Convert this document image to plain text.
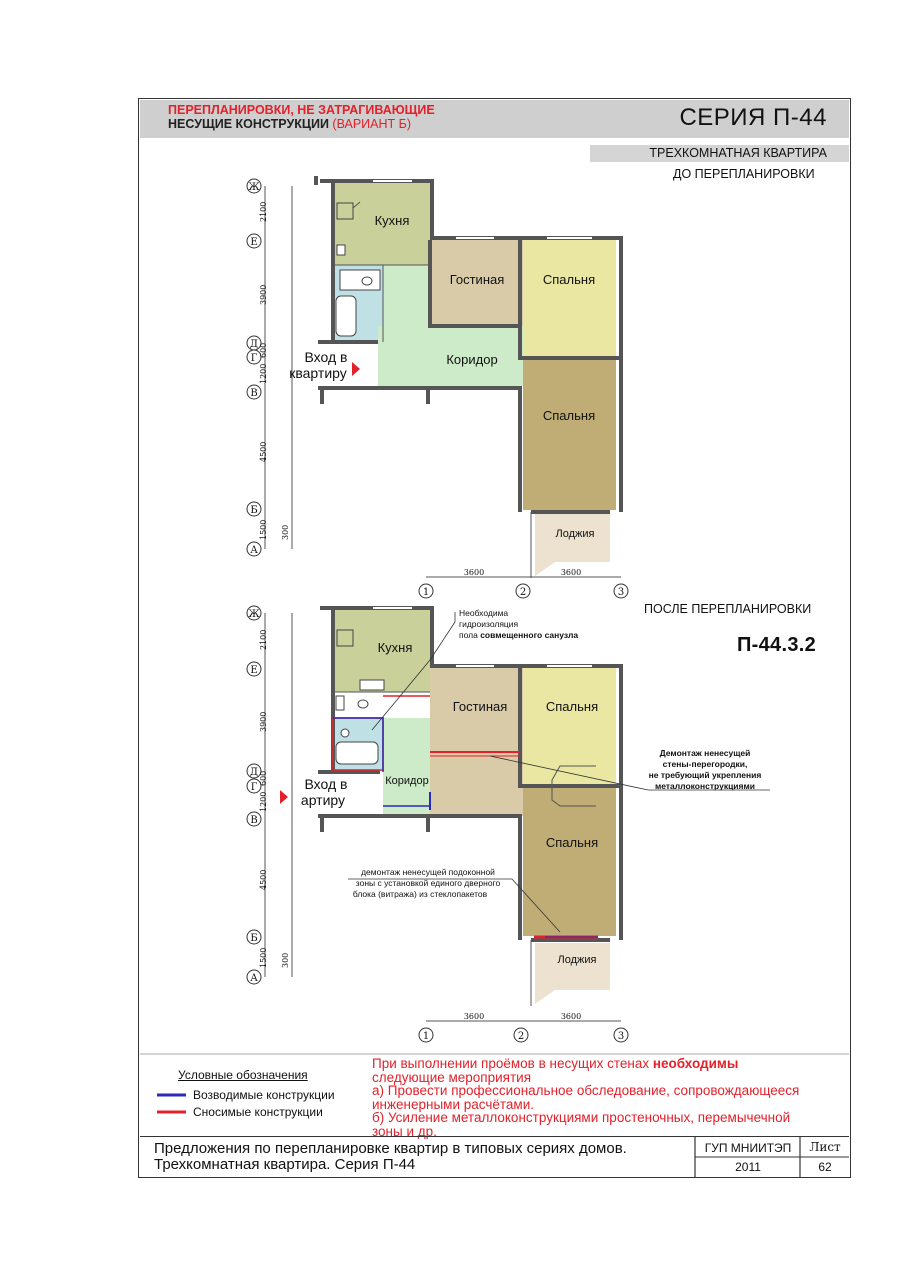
ПЕРЕПЛАНИРОВКИ, НЕ ЗАТРАГИВАЮЩИЕ
НЕСУЩИЕ КОНСТРУКЦИИ (ВАРИАНТ Б)	СЕРИЯ П-44
ТРЕХКОМНАТНАЯ КВАРТИРА
ДО ПЕРЕПЛАНИРОВКИ
ПОСЛЕ ПЕРЕПЛАНИРОВКИ
П-44.3.2
Ж
Е
Д
Г
В
Б
А
2100
3900
600
1200
4500
1500 300
Кухня
Гостиная	Спальня
Коридор
Спальня
Лоджия
Вход в
квартиру
1	2	3
3600	3600
Ж
Е
Д
Г
В
Б
А
2100
3900
600
1200
4500
1500 300
Кухня
Гостиная	Спальня
Коридор
Спальня
Лоджия
Вход в
артиру
Необходима
гидроизоляция
пола совмещенного санузла
Демонтаж ненесущей
стены-перегородки,
не требующий укрепления
металлоконструкциями
демонтаж ненесущей подоконной
зоны с установкой единого дверного
блока (витража) из стеклопакетов
1	2	3
3600	3600
Условные обозначения
Возводимые конструкции
Сносимые конструкции
При выполнении проёмов в несущих стенах необходимы
следующие мероприятия
а) Провести профессиональное обследование, сопровождающееся
инженерными расчётами.
б) Усиление металлоконструкциями простеночных, перемычечной
зоны и др.
Предложения по перепланировке квартир в типовых сериях домов.
Трехкомнатная квартира. Серия П-44
ГУП МНИИТЭП
2011
Лист
62
